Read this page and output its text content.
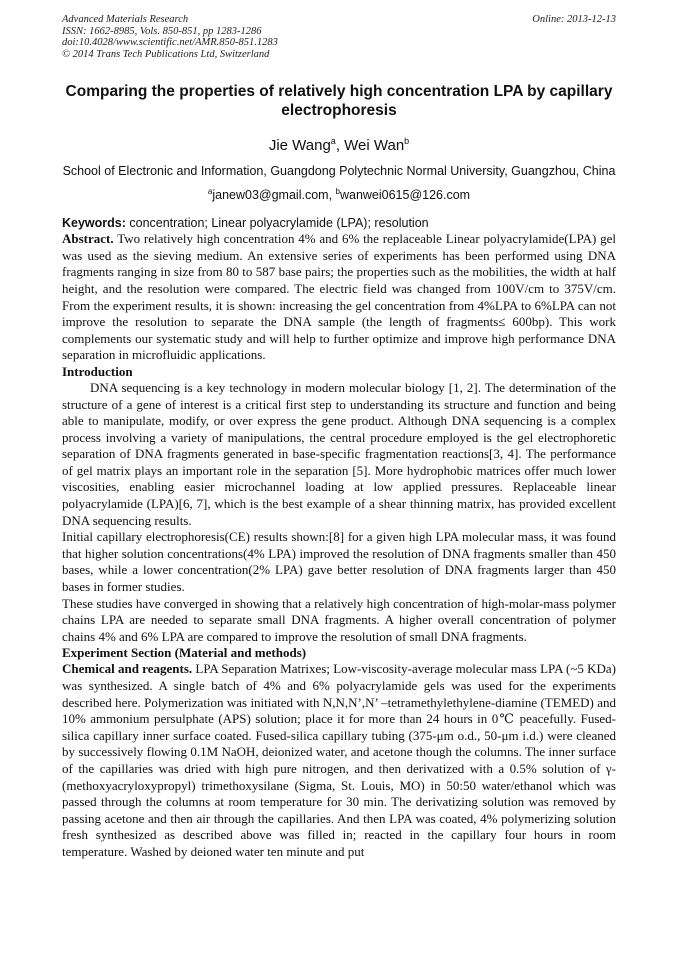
Advanced Materials Research
ISSN: 1662-8985, Vols. 850-851, pp 1283-1286
doi:10.4028/www.scientific.net/AMR.850-851.1283
© 2014 Trans Tech Publications Ltd, Switzerland
Online: 2013-12-13
Comparing the properties of relatively high concentration LPA by capillary electrophoresis
Jie Wang$^a$, Wei Wan$^b$
School of Electronic and Information, Guangdong Polytechnic Normal University, Guangzhou, China
$^a$janew03@gmail.com, $^b$wanwei0615@126.com
Keywords: concentration; Linear polyacrylamide (LPA); resolution

Abstract. Two relatively high concentration 4% and 6% the replaceable Linear polyacrylamide(LPA) gel was used as the sieving medium. An extensive series of experiments has been performed using DNA fragments ranging in size from 80 to 587 base pairs; the properties such as the mobilities, the width at half height, and the resolution were compared. The electric field was changed from 100V/cm to 375V/cm. From the experiment results, it is shown: increasing the gel concentration from 4%LPA to 6%LPA can not improve the resolution to separate the DNA sample (the length of fragments≤ 600bp). This work complements our systematic study and will help to further optimize and improve high performance DNA separation in microfluidic applications.

Introduction

DNA sequencing is a key technology in modern molecular biology [1, 2]. The determination of the structure of a gene of interest is a critical first step to understanding its structure and function and being able to manipulate, modify, or over express the gene product. Although DNA sequencing is a complex process involving a variety of manipulations, the central procedure employed is the gel electrophoretic separation of DNA fragments generated in base-specific fragmentation reactions[3, 4]. The performance of gel matrix plays an important role in the separation [5]. More hydrophobic matrices offer much lower viscosities, enabling easier microchannel loading at low applied pressures. Replaceable linear polyacrylamide (LPA)[6, 7], which is the best example of a shear thinning matrix, has provided excellent DNA sequencing results.

Initial capillary electrophoresis(CE) results shown:[8] for a given high LPA molecular mass, it was found that higher solution concentrations(4% LPA) improved the resolution of DNA fragments smaller than 450 bases, while a lower concentration(2% LPA) gave better resolution of DNA fragments larger than 450 bases in former studies.

These studies have converged in showing that a relatively high concentration of high-molar-mass polymer chains LPA are needed to separate small DNA fragments. A higher overall concentration of polymer chains 4% and 6% LPA are compared to improve the resolution of small DNA fragments.

Experiment Section (Material and methods)

Chemical and reagents. LPA Separation Matrixes; Low-viscosity-average molecular mass LPA (~5 KDa) was synthesized. A single batch of 4% and 6% polyacrylamide gels was used for the experiments described here. Polymerization was initiated with N,N,N’,N’ –tetramethylethylene-diamine (TEMED) and 10% ammonium persulphate (APS) solution; place it for more than 24 hours in 0℃ peacefully. Fused-silica capillary inner surface coated. Fused-silica capillary tubing (375-μm o.d., 50-μm i.d.) were cleaned by successively flowing 0.1M NaOH, deionized water, and acetone though the columns. The inner surface of the capillaries was dried with high pure nitrogen, and then derivatized with a 0.5% solution of γ-(methoxyacryloxypropyl) trimethoxysilane (Sigma, St. Louis, MO) in 50:50 water/ethanol which was passed through the columns at room temperature for 30 min. The derivatizing solution was removed by passing acetone and then air through the capillaries. And then LPA was coated, 4% polymerizing solution fresh synthesized as described above was filled in; reacted in the capillary four hours in room temperature. Washed by deioned water ten minute and put
